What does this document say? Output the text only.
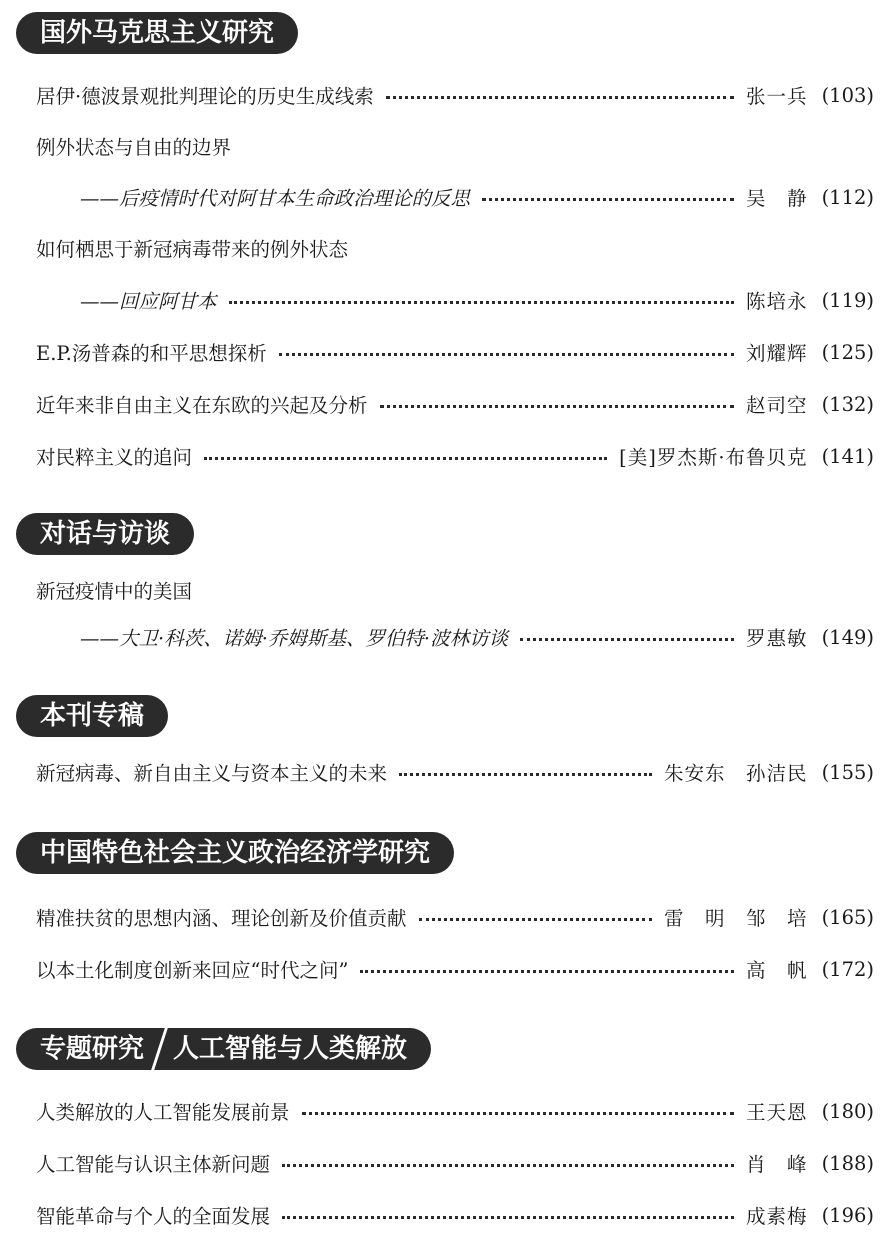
国外马克思主义研究
居伊·德波景观批判理论的历史生成线索	张一兵 (103)
例外状态与自由的边界
——后疫情时代对阿甘本生命政治理论的反思	吴　静 (112)
如何栖思于新冠病毒带来的例外状态
——回应阿甘本	陈培永 (119)
E.P.汤普森的和平思想探析	刘耀辉 (125)
近年来非自由主义在东欧的兴起及分析	赵司空 (132)
对民粹主义的追问	[美]罗杰斯·布鲁贝克 (141)
对话与访谈
新冠疫情中的美国
——大卫·科茨、诺姆·乔姆斯基、罗伯特·波林访谈	罗惠敏 (149)
本刊专稿
新冠病毒、新自由主义与资本主义的未来	朱安东　孙洁民 (155)
中国特色社会主义政治经济学研究
精准扶贫的思想内涵、理论创新及价值贡献	雷　明　邹　培 (165)
以本土化制度创新来回应“时代之问”	高　帆 (172)
专题研究 人工智能与人类解放
人类解放的人工智能发展前景	王天恩 (180)
人工智能与认识主体新问题	肖　峰 (188)
智能革命与个人的全面发展	成素梅 (196)
